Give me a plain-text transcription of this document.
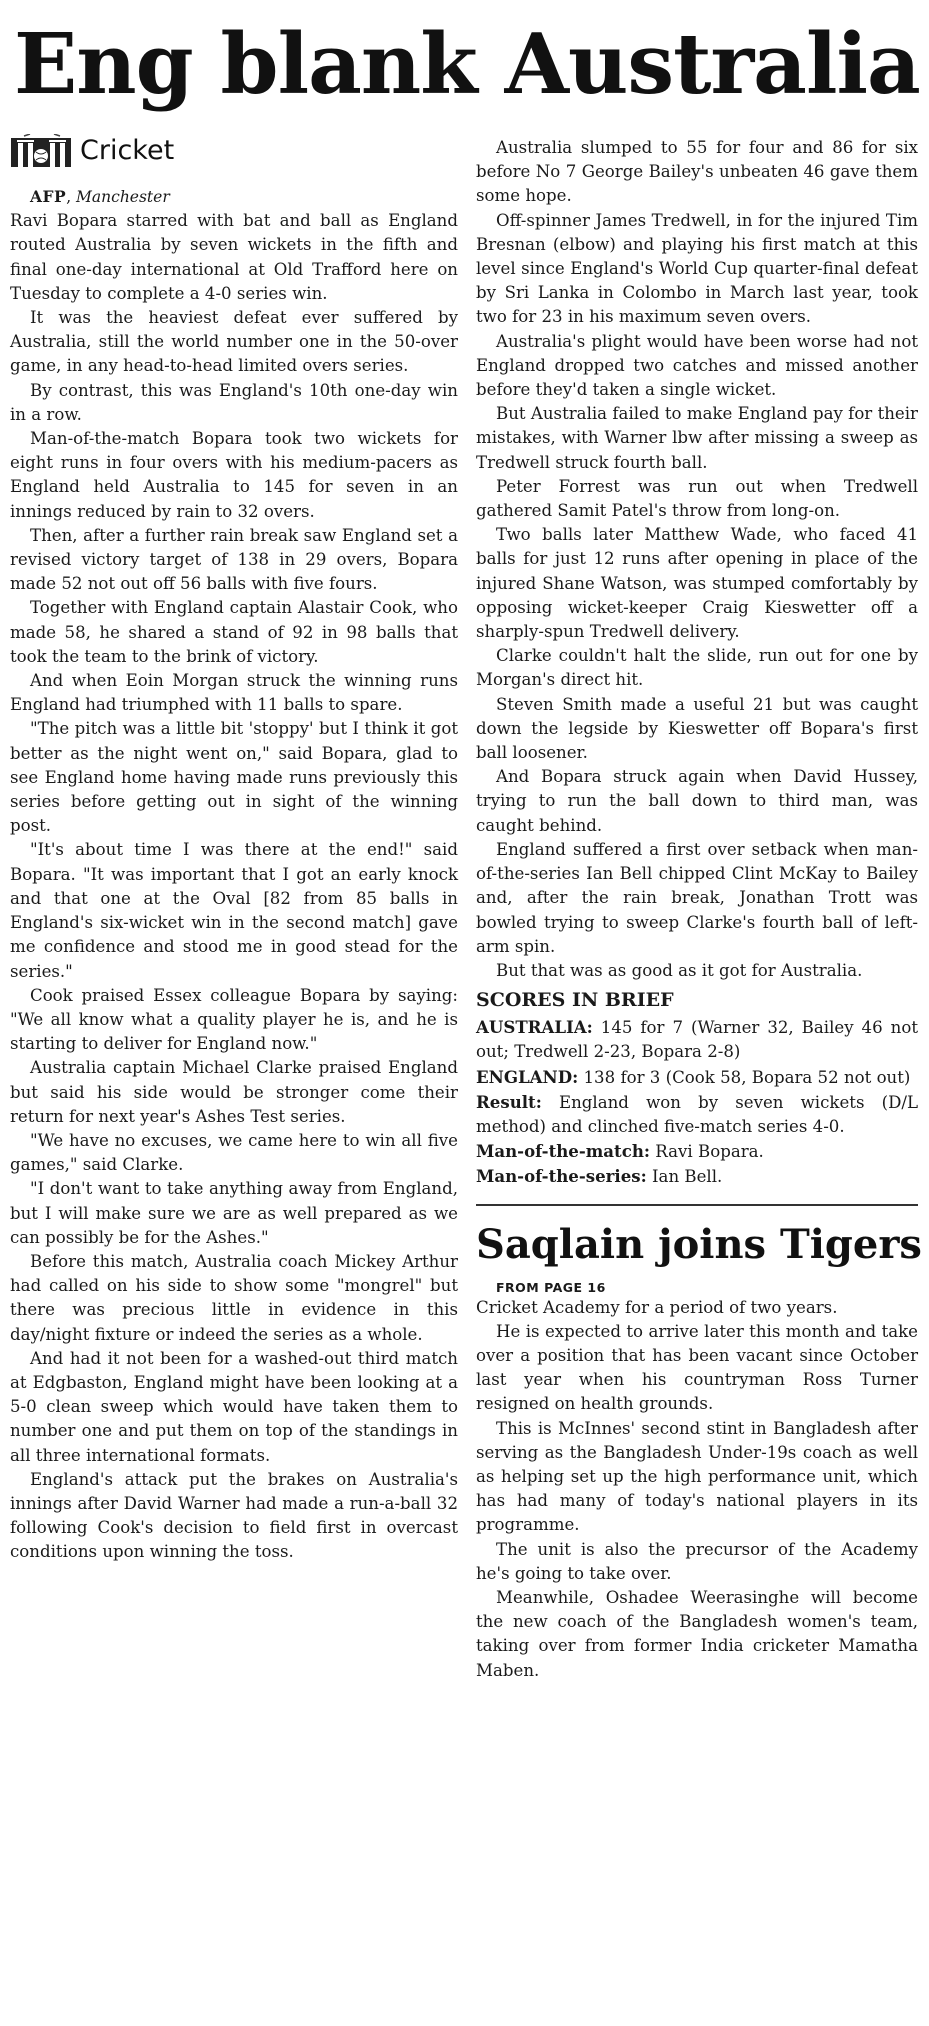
Eng blank Australia
Cricket

AFP, Manchester

Ravi Bopara starred with bat and ball as England routed Australia by seven wickets in the fifth and final one-day international at Old Trafford here on Tuesday to complete a 4-0 series win.

It was the heaviest defeat ever suffered by Australia, still the world number one in the 50-over game, in any head-to-head limited overs series.

By contrast, this was England's 10th one-day win in a row.

Man-of-the-match Bopara took two wickets for eight runs in four overs with his medium-pacers as England held Australia to 145 for seven in an innings reduced by rain to 32 overs.

Then, after a further rain break saw England set a revised victory target of 138 in 29 overs, Bopara made 52 not out off 56 balls with five fours.

Together with England captain Alastair Cook, who made 58, he shared a stand of 92 in 98 balls that took the team to the brink of victory.

And when Eoin Morgan struck the winning runs England had triumphed with 11 balls to spare.

"The pitch was a little bit 'stoppy' but I think it got better as the night went on," said Bopara, glad to see England home having made runs previously this series before getting out in sight of the winning post.

"It's about time I was there at the end!" said Bopara. "It was important that I got an early knock and that one at the Oval [82 from 85 balls in England's six-wicket win in the second match] gave me confidence and stood me in good stead for the series."

Cook praised Essex colleague Bopara by saying: "We all know what a quality player he is, and he is starting to deliver for England now."

Australia captain Michael Clarke praised England but said his side would be stronger come their return for next year's Ashes Test series.

"We have no excuses, we came here to win all five games," said Clarke.

"I don't want to take anything away from England, but I will make sure we are as well prepared as we can possibly be for the Ashes."

Before this match, Australia coach Mickey Arthur had called on his side to show some "mongrel" but there was precious little in evidence in this day/night fixture or indeed the series as a whole.

And had it not been for a washed-out third match at Edgbaston, England might have been looking at a 5-0 clean sweep which would have taken them to number one and put them on top of the standings in all three international formats.

England's attack put the brakes on Australia's innings after David Warner had made a run-a-ball 32 following Cook's decision to field first in overcast conditions upon winning the toss.

Australia slumped to 55 for four and 86 for six before No 7 George Bailey's unbeaten 46 gave them some hope.

Off-spinner James Tredwell, in for the injured Tim Bresnan (elbow) and playing his first match at this level since England's World Cup quarter-final defeat by Sri Lanka in Colombo in March last year, took two for 23 in his maximum seven overs.

Australia's plight would have been worse had not England dropped two catches and missed another before they'd taken a single wicket.

But Australia failed to make England pay for their mistakes, with Warner lbw after missing a sweep as Tredwell struck fourth ball.

Peter Forrest was run out when Tredwell gathered Samit Patel's throw from long-on.

Two balls later Matthew Wade, who faced 41 balls for just 12 runs after opening in place of the injured Shane Watson, was stumped comfortably by opposing wicket-keeper Craig Kieswetter off a sharply-spun Tredwell delivery.

Clarke couldn't halt the slide, run out for one by Morgan's direct hit.

Steven Smith made a useful 21 but was caught down the legside by Kieswetter off Bopara's first ball loosener.

And Bopara struck again when David Hussey, trying to run the ball down to third man, was caught behind.

England suffered a first over setback when man-of-the-series Ian Bell chipped Clint McKay to Bailey and, after the rain break, Jonathan Trott was bowled trying to sweep Clarke's fourth ball of left-arm spin.

But that was as good as it got for Australia.

SCORES IN BRIEF

AUSTRALIA: 145 for 7 (Warner 32, Bailey 46 not out; Tredwell 2-23, Bopara 2-8)

ENGLAND: 138 for 3 (Cook 58, Bopara 52 not out)

Result: England won by seven wickets (D/L method) and clinched five-match series 4-0.

Man-of-the-match: Ravi Bopara.

Man-of-the-series: Ian Bell.

Saqlain joins Tigers

FROM PAGE 16

Cricket Academy for a period of two years.

He is expected to arrive later this month and take over a position that has been vacant since October last year when his countryman Ross Turner resigned on health grounds.

This is McInnes' second stint in Bangladesh after serving as the Bangladesh Under-19s coach as well as helping set up the high performance unit, which has had many of today's national players in its programme.

The unit is also the precursor of the Academy he's going to take over.

Meanwhile, Oshadee Weerasinghe will become the new coach of the Bangladesh women's team, taking over from former India cricketer Mamatha Maben.
